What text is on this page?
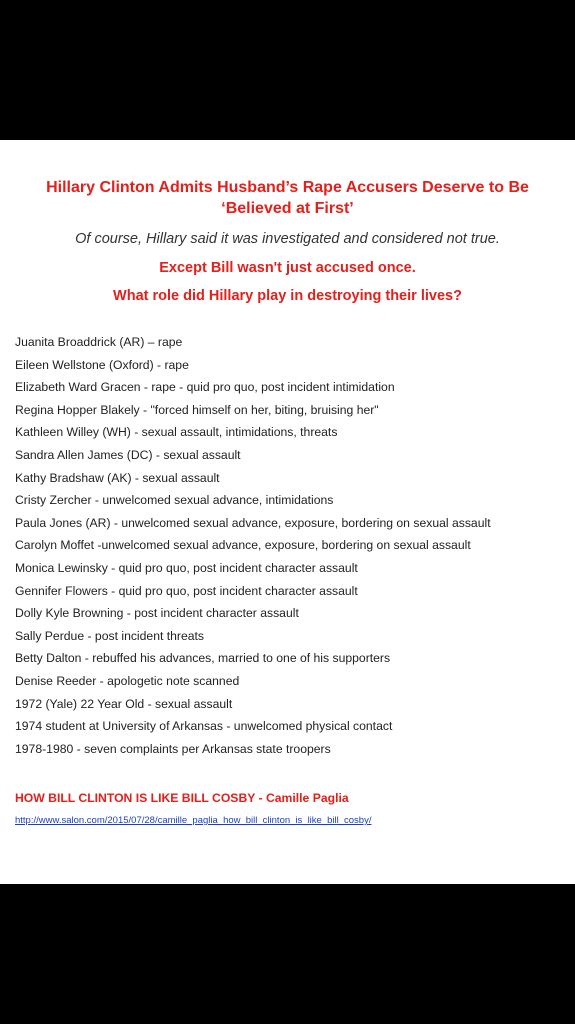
Hillary Clinton Admits Husband’s Rape Accusers Deserve to Be
‘Believed at First’

Of course, Hillary said it was investigated and considered not true.

Except Bill wasn't just accused once.

What role did Hillary play in destroying their lives?

Juanita Broaddrick (AR) – rape
Eileen Wellstone (Oxford) - rape
Elizabeth Ward Gracen - rape - quid pro quo, post incident intimidation
Regina Hopper Blakely - "forced himself on her, biting, bruising her"
Kathleen Willey (WH) - sexual assault, intimidations, threats
Sandra Allen James (DC) - sexual assault
Kathy Bradshaw (AK) - sexual assault
Cristy Zercher - unwelcomed sexual advance, intimidations
Paula Jones (AR) - unwelcomed sexual advance, exposure, bordering on sexual assault
Carolyn Moffet -unwelcomed sexual advance, exposure, bordering on sexual assault
Monica Lewinsky - quid pro quo, post incident character assault
Gennifer Flowers - quid pro quo, post incident character assault
Dolly Kyle Browning - post incident character assault
Sally Perdue - post incident threats
Betty Dalton - rebuffed his advances, married to one of his supporters
Denise Reeder - apologetic note scanned
1972 (Yale) 22 Year Old - sexual assault
1974 student at University of Arkansas - unwelcomed physical contact
1978-1980 - seven complaints per Arkansas state troopers

HOW BILL CLINTON IS LIKE BILL COSBY - Camille Paglia

http://www.salon.com/2015/07/28/camille_paglia_how_bill_clinton_is_like_bill_cosby/
